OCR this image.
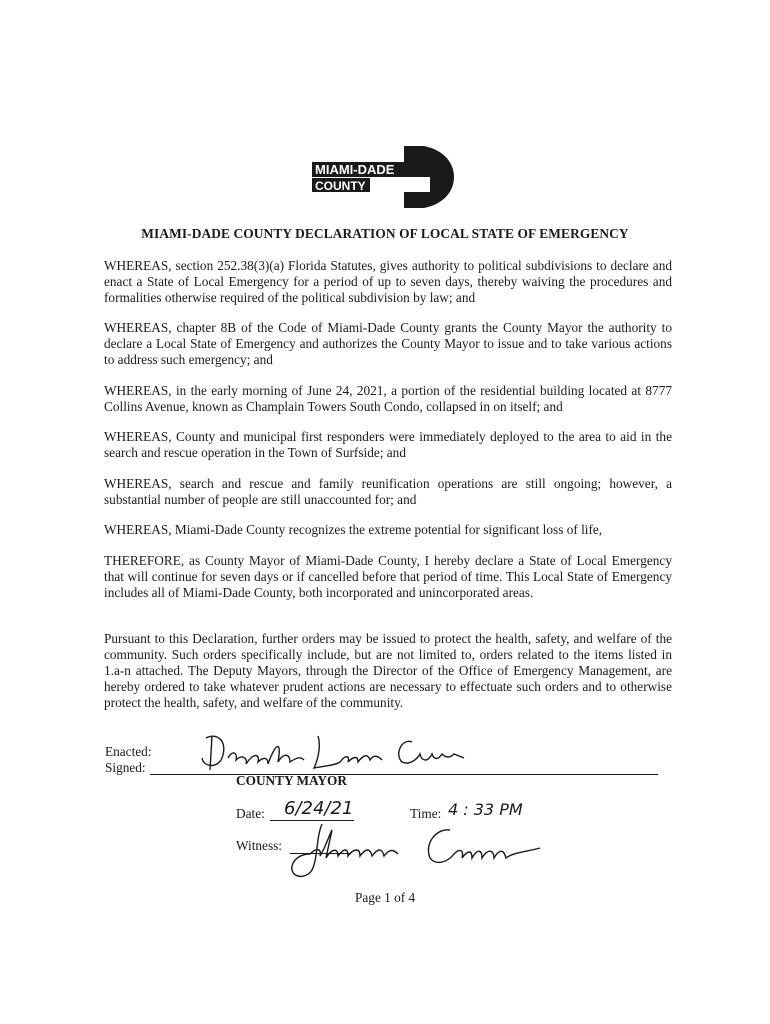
MIAMI-DADE
COUNTY
MIAMI-DADE COUNTY DECLARATION OF LOCAL STATE OF EMERGENCY

WHEREAS, section 252.38(3)(a) Florida Statutes, gives authority to political subdivisions to declare and enact a State of Local Emergency for a period of up to seven days, thereby waiving the procedures and formalities otherwise required of the political subdivision by law; and

WHEREAS, chapter 8B of the Code of Miami-Dade County grants the County Mayor the authority to declare a Local State of Emergency and authorizes the County Mayor to issue and to take various actions to address such emergency; and

WHEREAS, in the early morning of June 24, 2021, a portion of the residential building located at 8777 Collins Avenue, known as Champlain Towers South Condo, collapsed in on itself; and

WHEREAS, County and municipal first responders were immediately deployed to the area to aid in the search and rescue operation in the Town of Surfside; and

WHEREAS, search and rescue and family reunification operations are still ongoing; however, a substantial number of people are still unaccounted for; and

WHEREAS, Miami-Dade County recognizes the extreme potential for significant loss of life,

THEREFORE, as County Mayor of Miami-Dade County, I hereby declare a State of Local Emergency that will continue for seven days or if cancelled before that period of time. This Local State of Emergency includes all of Miami-Dade County, both incorporated and unincorporated areas.

Pursuant to this Declaration, further orders may be issued to protect the health, safety, and welfare of the community. Such orders specifically include, but are not limited to, orders related to the items listed in 1.a-n attached. The Deputy Mayors, through the Director of the Office of Emergency Management, are hereby ordered to take whatever prudent actions are necessary to effectuate such orders and to otherwise protect the health, safety, and welfare of the community.

Enacted:
Signed:
COUNTY MAYOR
Date: 6/24/21	Time: 4 : 33 PM
Witness:
Page 1 of 4
